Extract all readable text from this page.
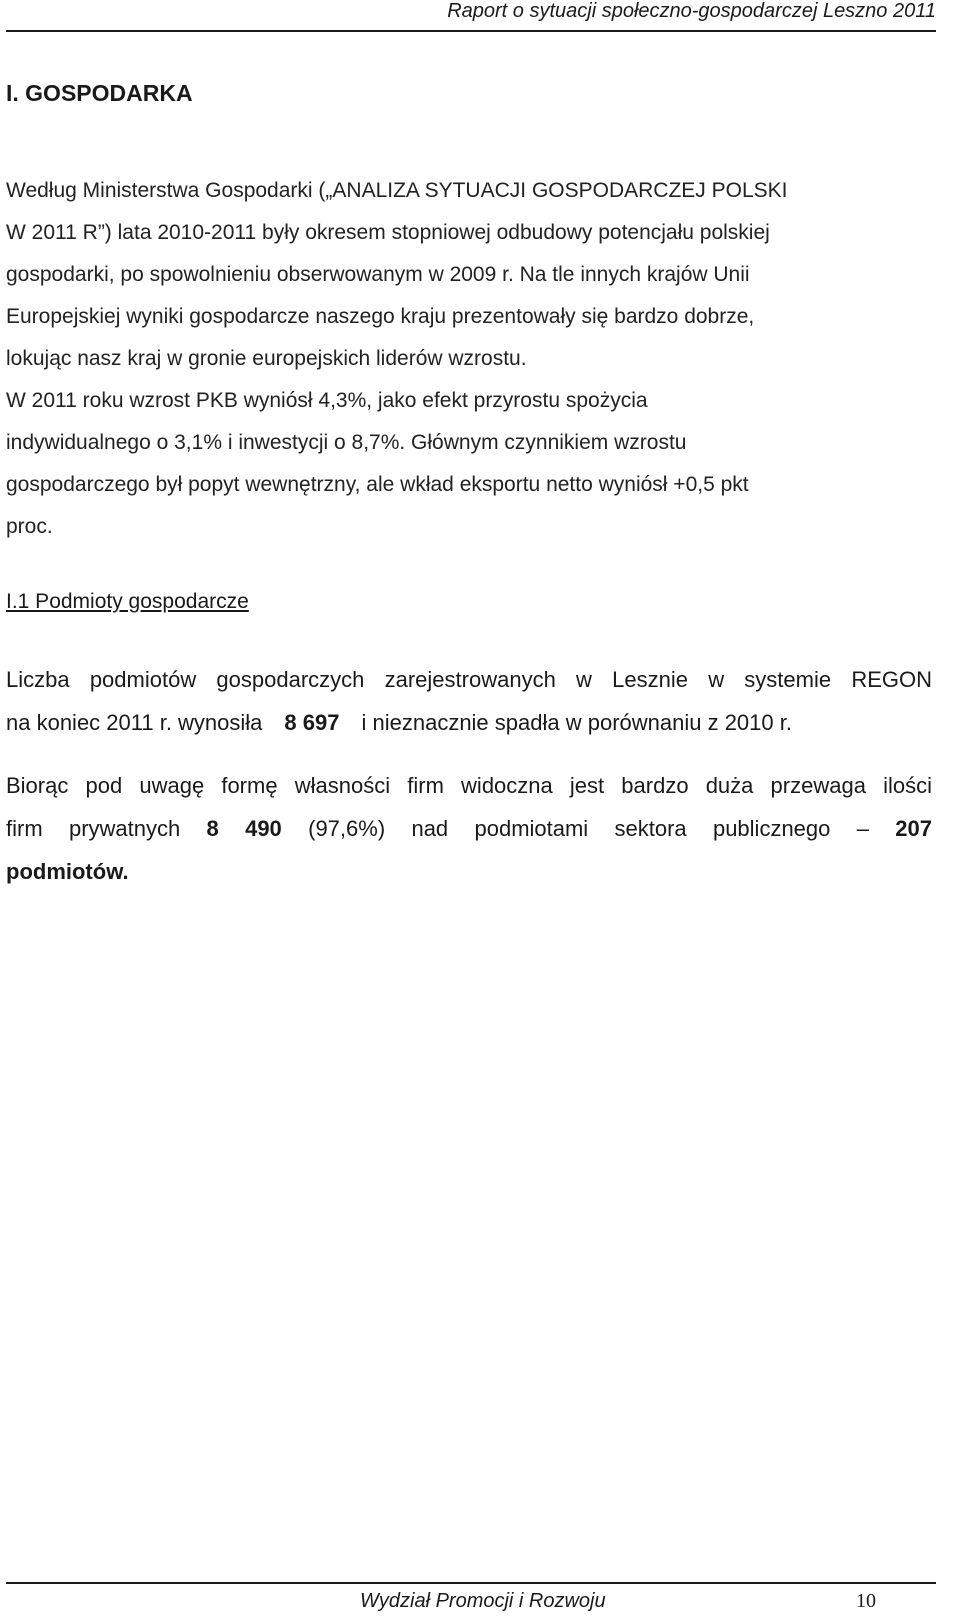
Raport o sytuacji społeczno-gospodarczej Leszno 2011
I. GOSPODARKA
Według Ministerstwa Gospodarki („ANALIZA SYTUACJI GOSPODARCZEJ POLSKI
W 2011 R”) lata 2010-2011 były okresem stopniowej odbudowy potencjału polskiej
gospodarki, po spowolnieniu obserwowanym w 2009 r. Na tle innych krajów Unii
Europejskiej wyniki gospodarcze naszego kraju prezentowały się bardzo dobrze,
lokując nasz kraj w gronie europejskich liderów wzrostu.
W 2011 roku wzrost PKB wyniósł 4,3%, jako efekt przyrostu spożycia
indywidualnego o 3,1% i inwestycji o 8,7%. Głównym czynnikiem wzrostu
gospodarczego był popyt wewnętrzny, ale wkład eksportu netto wyniósł +0,5 pkt
proc.
I.1 Podmioty gospodarcze
Liczba podmiotów gospodarczych zarejestrowanych w Lesznie w systemie REGON
na koniec 2011 r. wynosiła 8 697 i nieznacznie spadła w porównaniu z 2010 r.
Biorąc pod uwagę formę własności firm widoczna jest bardzo duża przewaga ilości
firm prywatnych 8 490 (97,6%) nad podmiotami sektora publicznego – 207
podmiotów.
Wydział Promocji i Rozwoju	10
